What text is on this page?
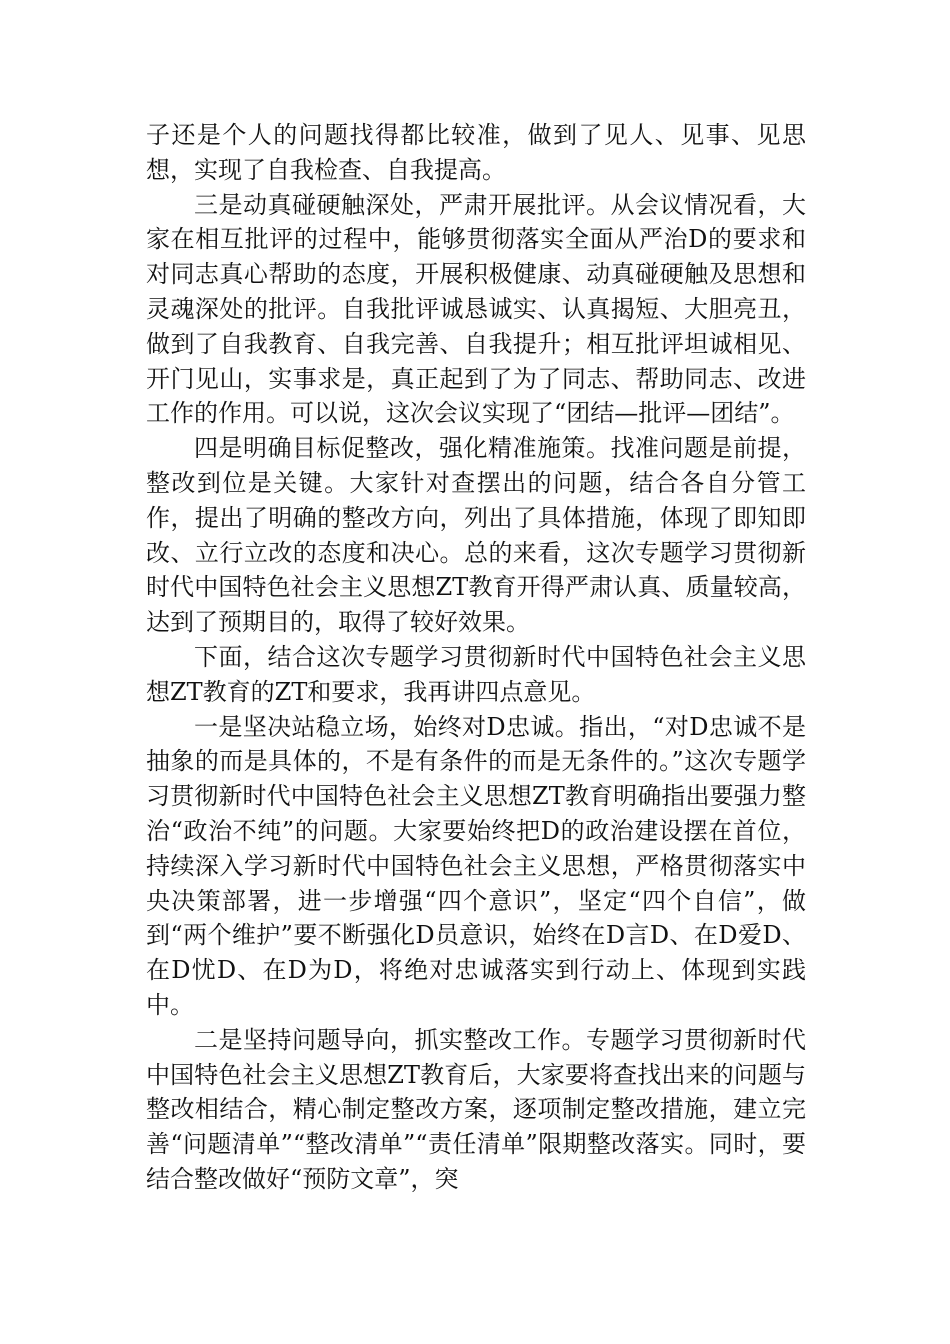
子还是个人的问题找得都比较准，做到了见人、见事、见思想，实现了自我检查、自我提高。

三是动真碰硬触深处，严肃开展批评。从会议情况看，大家在相互批评的过程中，能够贯彻落实全面从严治D的要求和对同志真心帮助的态度，开展积极健康、动真碰硬触及思想和灵魂深处的批评。自我批评诚恳诚实、认真揭短、大胆亮丑，做到了自我教育、自我完善、自我提升；相互批评坦诚相见、开门见山，实事求是，真正起到了为了同志、帮助同志、改进工作的作用。可以说，这次会议实现了“团结—批评—团结”。

四是明确目标促整改，强化精准施策。找准问题是前提，整改到位是关键。大家针对查摆出的问题，结合各自分管工作，提出了明确的整改方向，列出了具体措施，体现了即知即改、立行立改的态度和决心。总的来看，这次专题学习贯彻新时代中国特色社会主义思想ZT教育开得严肃认真、质量较高，达到了预期目的，取得了较好效果。

下面，结合这次专题学习贯彻新时代中国特色社会主义思想ZT教育的ZT和要求，我再讲四点意见。

一是坚决站稳立场，始终对D忠诚。指出，“对D忠诚不是抽象的而是具体的，不是有条件的而是无条件的。”这次专题学习贯彻新时代中国特色社会主义思想ZT教育明确指出要强力整治“政治不纯”的问题。大家要始终把D的政治建设摆在首位，持续深入学习新时代中国特色社会主义思想，严格贯彻落实中央决策部署，进一步增强“四个意识”，坚定“四个自信”，做到“两个维护”要不断强化D员意识，始终在D言D、在D爱D、在D忧D、在D为D，将绝对忠诚落实到行动上、体现到实践中。

二是坚持问题导向，抓实整改工作。专题学习贯彻新时代中国特色社会主义思想ZT教育后，大家要将查找出来的问题与整改相结合，精心制定整改方案，逐项制定整改措施，建立完善“问题清单”“整改清单”“责任清单”限期整改落实。同时，要结合整改做好“预防文章”，突
